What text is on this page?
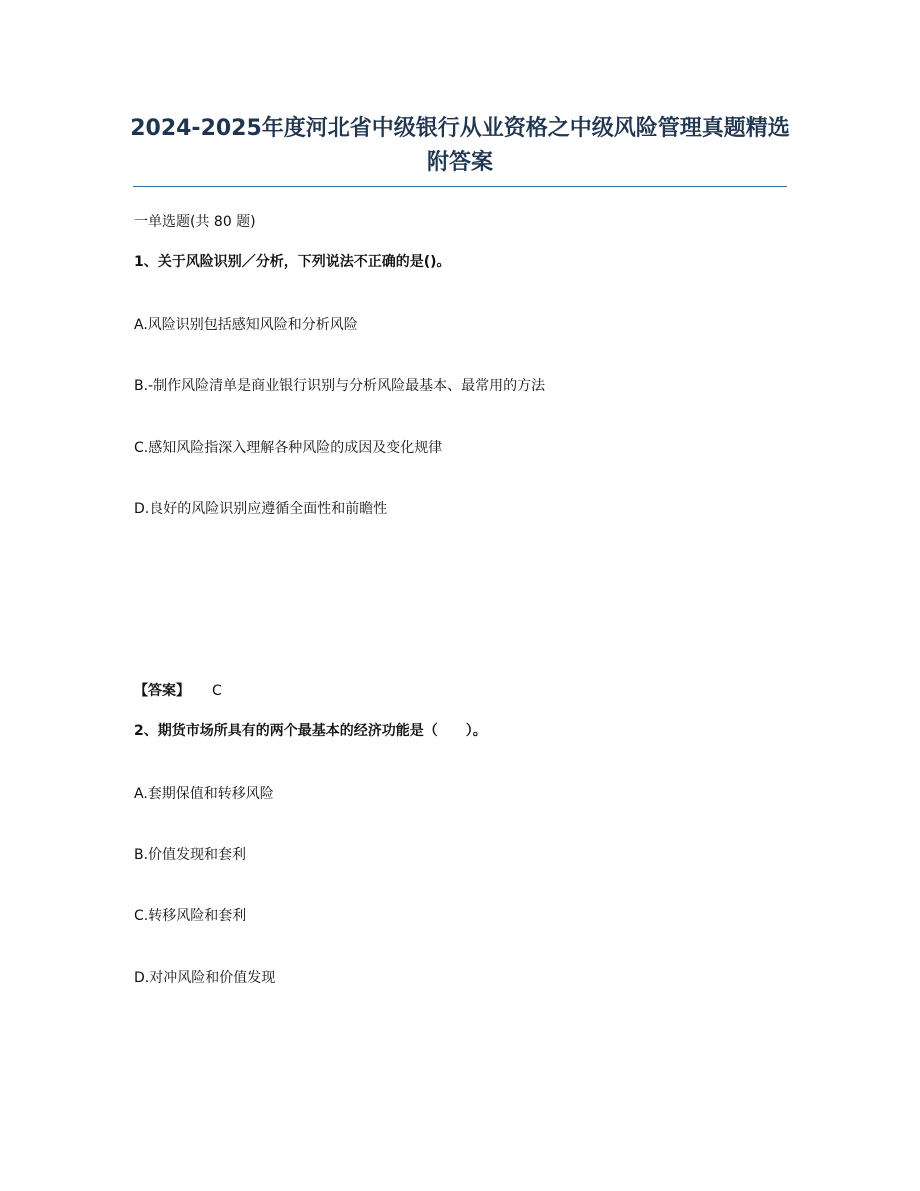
2024-2025年度河北省中级银行从业资格之中级风险管理真题精选附答案
一单选题(共 80 题)
1、关于风险识别／分析，下列说法不正确的是()。
A.风险识别包括感知风险和分析风险
B.-制作风险清单是商业银行识别与分析风险最基本、最常用的方法
C.感知风险指深入理解各种风险的成因及变化规律
D.良好的风险识别应遵循全面性和前瞻性
【答案】 C
2、期货市场所具有的两个最基本的经济功能是（　　）。
A.套期保值和转移风险
B.价值发现和套利
C.转移风险和套利
D.对冲风险和价值发现
